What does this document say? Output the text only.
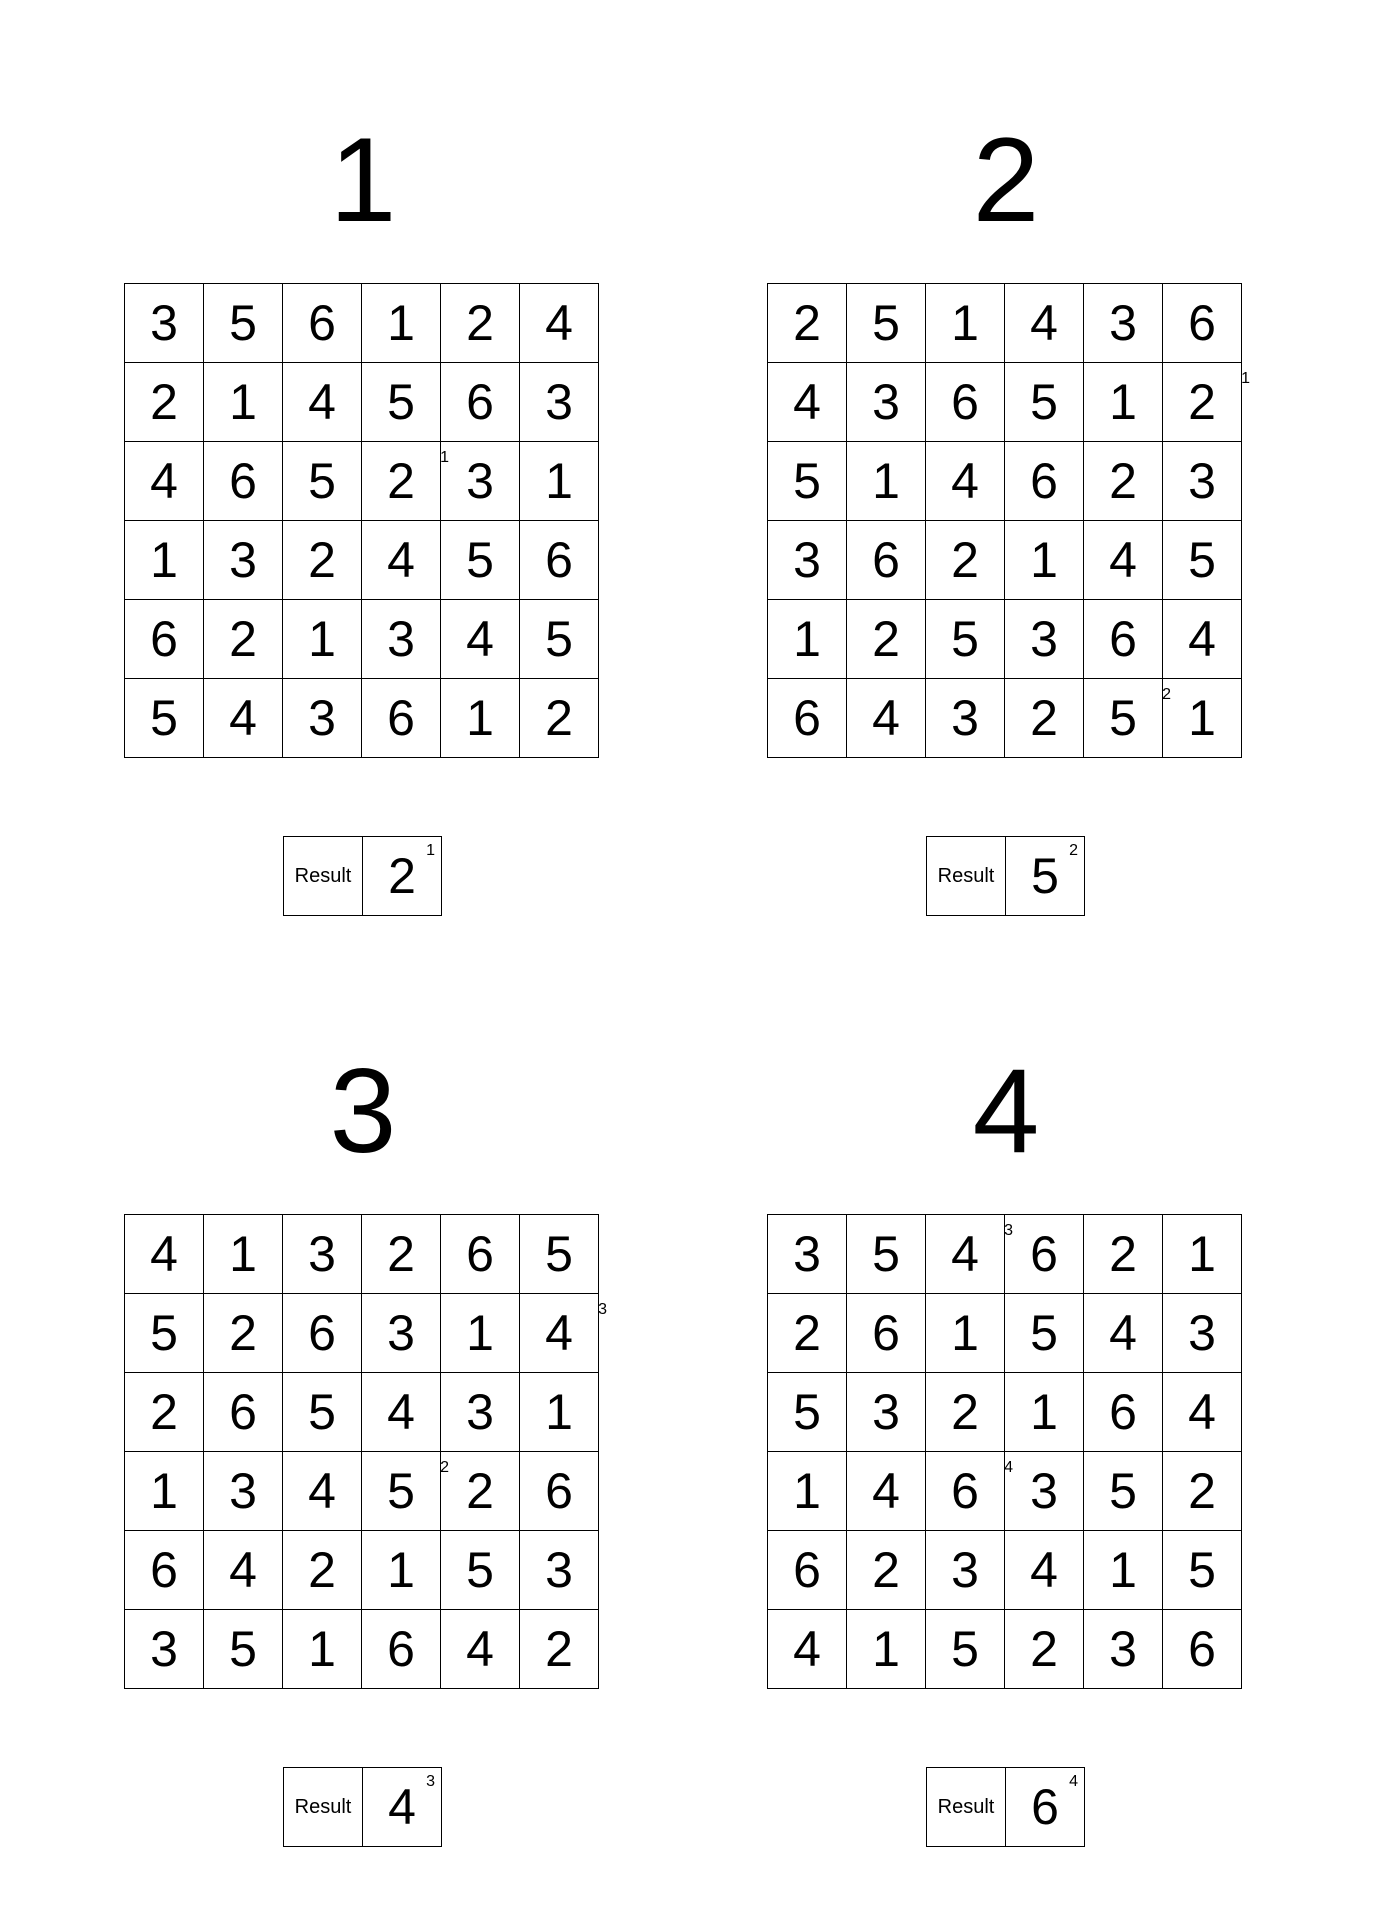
1
3 5 6 1 2 4
2 1 4 5 6 3
4 6 5 2 1 3 1
1 3 2 4 5 6
6 2 1 3 4 5
5 4 3 6 1 2
Result 2 1
2
2 5 1 4 3 6
4 3 6 5 1 2 1
5 1 4 6 2 3
3 6 2 1 4 5
1 2 5 3 6 4
6 4 3 2 5 2 1
Result 5 2
3
4 1 3 2 6 5
5 2 6 3 1 4 3
2 6 5 4 3 1
1 3 4 5 2 2 6
6 4 2 1 5 3
3 5 1 6 4 2
Result 4 3
4
3 5 4 3 6 2 1
2 6 1 5 4 3
5 3 2 1 6 4
1 4 6 4 3 5 2
6 2 3 4 1 5
4 1 5 2 3 6
Result 6 4
